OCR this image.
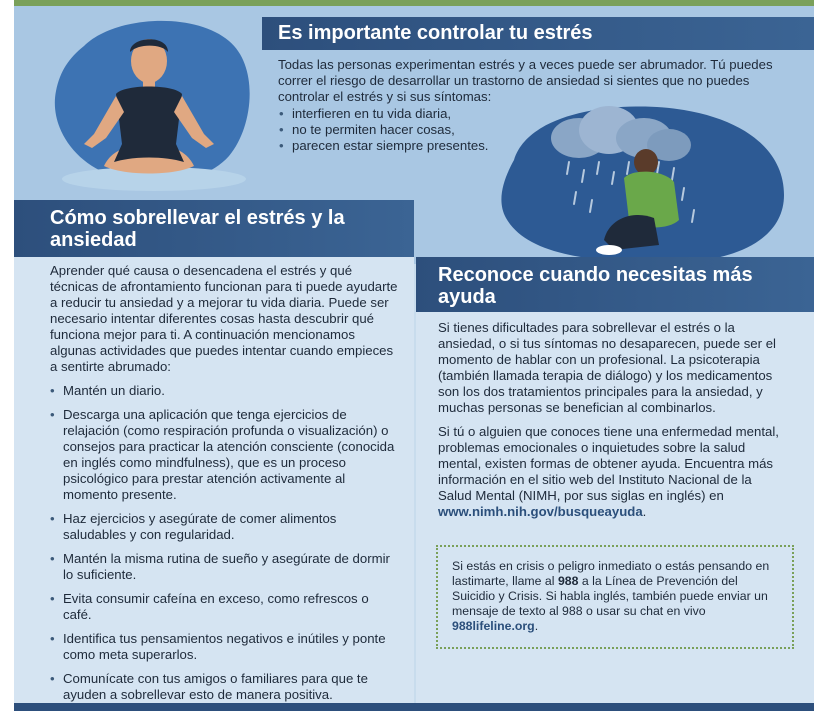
Es importante controlar tu estrés

Todas las personas experimentan estrés y a veces puede ser abrumador. Tú puedes correr el riesgo de desarrollar un trastorno de ansiedad si sientes que no puedes controlar el estrés y si sus síntomas:

• interfieren en tu vida diaria,
• no te permiten hacer cosas,
• parecen estar siempre presentes.
Cómo sobrellevar el estrés y la ansiedad

Aprender qué causa o desencadena el estrés y qué técnicas de afrontamiento funcionan para ti puede ayudarte a reducir tu ansiedad y a mejorar tu vida diaria. Puede ser necesario intentar diferentes cosas hasta descubrir qué funciona mejor para ti. A continuación mencionamos algunas actividades que puedes intentar cuando empieces a sentirte abrumado:

• Mantén un diario.
• Descarga una aplicación que tenga ejercicios de relajación (como respiración profunda o visualización) o consejos para practicar la atención consciente (conocida en inglés como mindfulness), que es un proceso psicológico para prestar atención activamente al momento presente.
• Haz ejercicios y asegúrate de comer alimentos saludables y con regularidad.
• Mantén la misma rutina de sueño y asegúrate de dormir lo suficiente.
• Evita consumir cafeína en exceso, como refrescos o café.
• Identifica tus pensamientos negativos e inútiles y ponte como meta superarlos.
• Comunícate con tus amigos o familiares para que te ayuden a sobrellevar esto de manera positiva.
Reconoce cuando necesitas más ayuda

Si tienes dificultades para sobrellevar el estrés o la ansiedad, o si tus síntomas no desaparecen, puede ser el momento de hablar con un profesional. La psicoterapia (también llamada terapia de diálogo) y los medicamentos son los dos tratamientos principales para la ansiedad, y muchas personas se benefician al combinarlos.

Si tú o alguien que conoces tiene una enfermedad mental, problemas emocionales o inquietudes sobre la salud mental, existen formas de obtener ayuda. Encuentra más información en el sitio web del Instituto Nacional de la Salud Mental (NIMH, por sus siglas en inglés) en www.nimh.nih.gov/busqueayuda.

Si estás en crisis o peligro inmediato o estás pensando en lastimarte, llame al 988 a la Línea de Prevención del Suicidio y Crisis. Si habla inglés, también puede enviar un mensaje de texto al 988 o usar su chat en vivo 988lifeline.org.
